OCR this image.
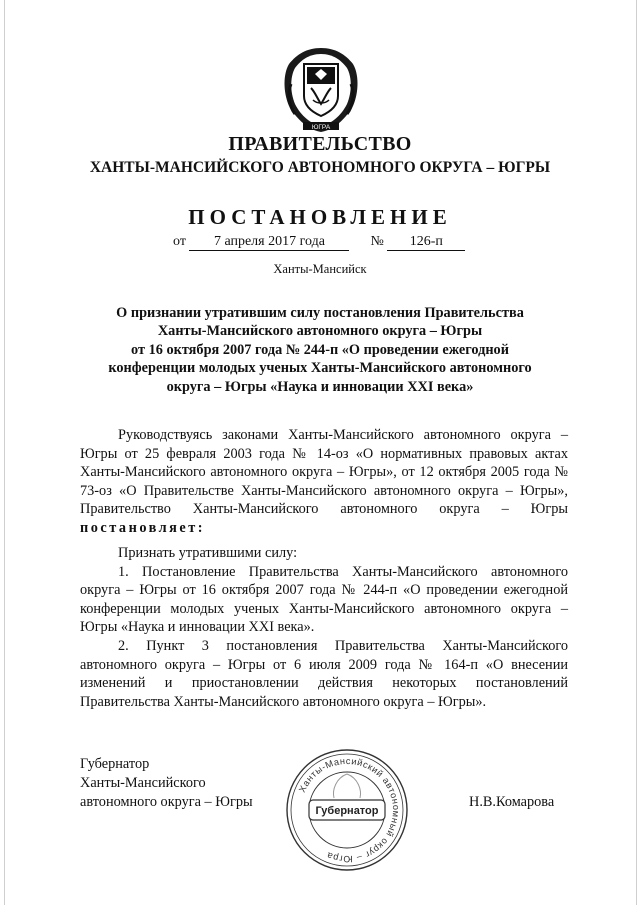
ЮГРА
ПРАВИТЕЛЬСТВО
ХАНТЫ-МАНСИЙСКОГО АВТОНОМНОГО ОКРУГА – ЮГРЫ
ПОСТАНОВЛЕНИЕ
от 7 апреля 2017 года	№ 126-п
Ханты-Мансийск
О признании утратившим силу постановления Правительства
Ханты-Мансийского автономного округа – Югры
от 16 октября 2007 года № 244-п «О проведении ежегодной
конференции молодых ученых Ханты-Мансийского автономного
округа – Югры «Наука и инновации XXI века»

Руководствуясь законами Ханты-Мансийского автономного округа – Югры от 25 февраля 2003 года № 14-оз «О нормативных правовых актах Ханты-Мансийского автономного округа – Югры», от 12 октября 2005 года № 73-оз «О Правительстве Ханты-Мансийского автономного округа – Югры», Правительство Ханты-Мансийского автономного округа – Югры постановляет:

Признать утратившими силу:

1. Постановление Правительства Ханты-Мансийского автономного округа – Югры от 16 октября 2007 года № 244-п «О проведении ежегодной конференции молодых ученых Ханты-Мансийского автономного округа – Югры «Наука и инновации XXI века».

2. Пункт 3 постановления Правительства Ханты-Мансийского автономного округа – Югры от 6 июля 2009 года № 164-п «О внесении изменений и приостановлении действия некоторых постановлений Правительства Ханты-Мансийского автономного округа – Югры».

Губернатор
Ханты-Мансийского
автономного округа – Югры	Н.В.Комарова
Ханты-Мансийский автономный округ – Югра
Губернатор
